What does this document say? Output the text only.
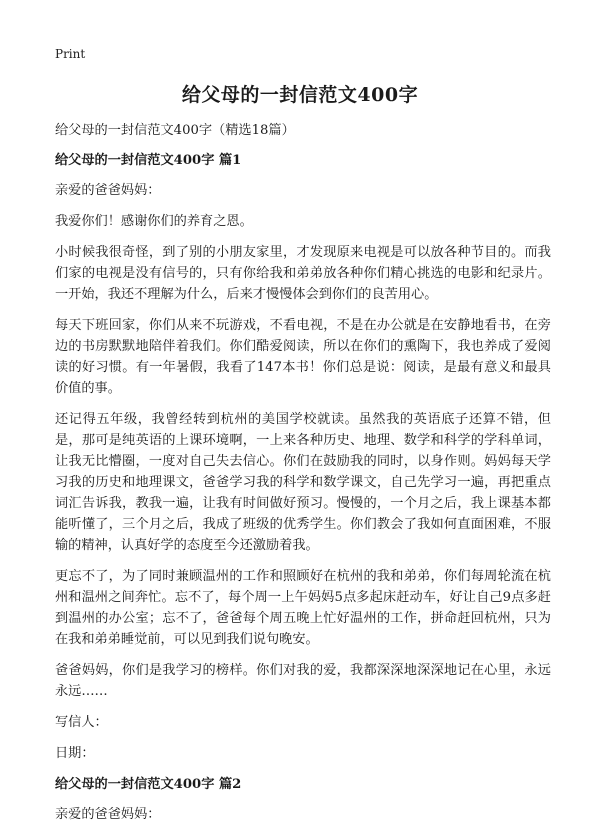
Print
给父母的一封信范文400字

给父母的一封信范文400字（精选18篇）

给父母的一封信范文400字 篇1

亲爱的爸爸妈妈：

我爱你们！感谢你们的养育之恩。

小时候我很奇怪，到了别的小朋友家里，才发现原来电视是可以放各种节目的。而我们家的电视是没有信号的，只有你给我和弟弟放各种你们精心挑选的电影和纪录片。一开始，我还不理解为什么，后来才慢慢体会到你们的良苦用心。

每天下班回家，你们从来不玩游戏，不看电视，不是在办公就是在安静地看书，在旁边的书房默默地陪伴着我们。你们酷爱阅读，所以在你们的熏陶下，我也养成了爱阅读的好习惯。有一年暑假，我看了147本书！你们总是说：阅读，是最有意义和最具价值的事。

还记得五年级，我曾经转到杭州的美国学校就读。虽然我的英语底子还算不错，但是，那可是纯英语的上课环境啊，一上来各种历史、地理、数学和科学的学科单词，让我无比懵圈，一度对自己失去信心。你们在鼓励我的同时，以身作则。妈妈每天学习我的历史和地理课文，爸爸学习我的科学和数学课文，自己先学习一遍，再把重点词汇告诉我，教我一遍，让我有时间做好预习。慢慢的，一个月之后，我上课基本都能听懂了，三个月之后，我成了班级的优秀学生。你们教会了我如何直面困难，不服输的精神，认真好学的态度至今还激励着我。

更忘不了，为了同时兼顾温州的工作和照顾好在杭州的我和弟弟，你们每周轮流在杭州和温州之间奔忙。忘不了，每个周一上午妈妈5点多起床赶动车，好让自己9点多赶到温州的办公室；忘不了，爸爸每个周五晚上忙好温州的工作，拼命赶回杭州，只为在我和弟弟睡觉前，可以见到我们说句晚安。

爸爸妈妈，你们是我学习的榜样。你们对我的爱，我都深深地深深地记在心里，永远永远……

写信人：

日期：

给父母的一封信范文400字 篇2

亲爱的爸爸妈妈：
